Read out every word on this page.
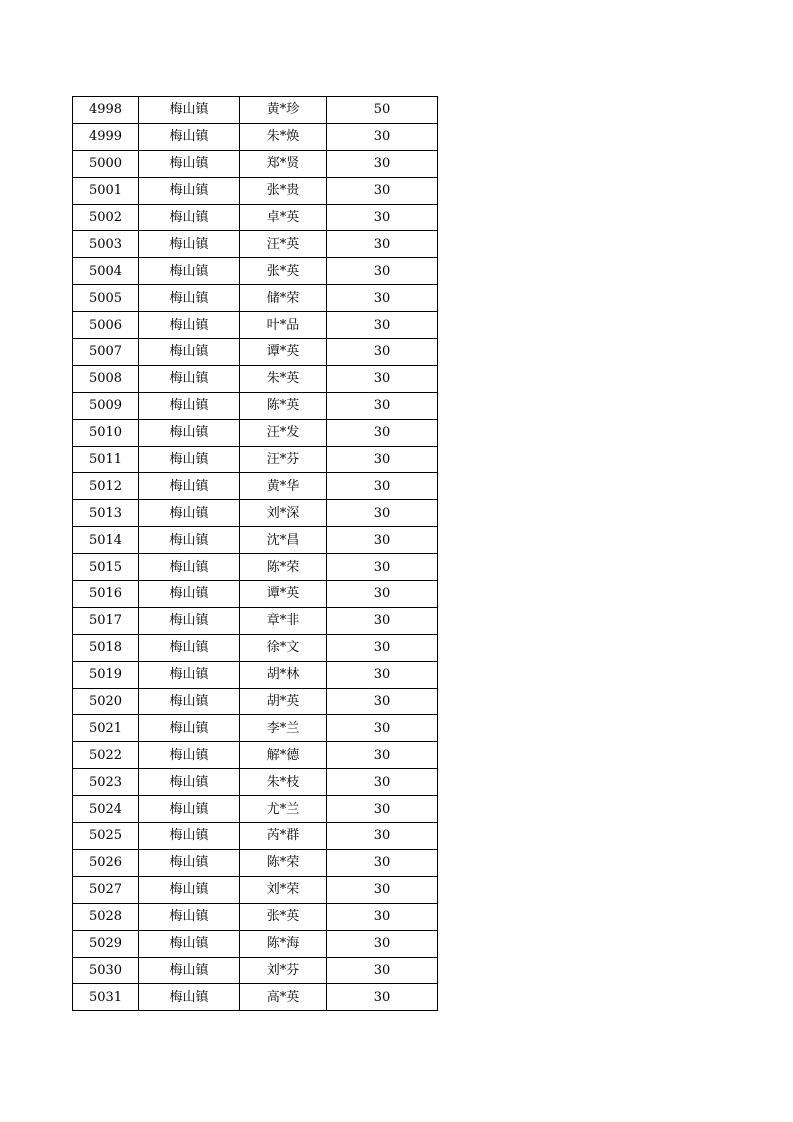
4998	梅山镇	黄*珍	50
4999	梅山镇	朱*焕	30
5000	梅山镇	郑*贤	30
5001	梅山镇	张*贵	30
5002	梅山镇	卓*英	30
5003	梅山镇	汪*英	30
5004	梅山镇	张*英	30
5005	梅山镇	储*荣	30
5006	梅山镇	叶*品	30
5007	梅山镇	谭*英	30
5008	梅山镇	朱*英	30
5009	梅山镇	陈*英	30
5010	梅山镇	汪*发	30
5011	梅山镇	汪*芬	30
5012	梅山镇	黄*华	30
5013	梅山镇	刘*深	30
5014	梅山镇	沈*昌	30
5015	梅山镇	陈*荣	30
5016	梅山镇	谭*英	30
5017	梅山镇	章*非	30
5018	梅山镇	徐*文	30
5019	梅山镇	胡*林	30
5020	梅山镇	胡*英	30
5021	梅山镇	李*兰	30
5022	梅山镇	解*德	30
5023	梅山镇	朱*枝	30
5024	梅山镇	尤*兰	30
5025	梅山镇	芮*群	30
5026	梅山镇	陈*荣	30
5027	梅山镇	刘*荣	30
5028	梅山镇	张*英	30
5029	梅山镇	陈*海	30
5030	梅山镇	刘*芬	30
5031	梅山镇	高*英	30
